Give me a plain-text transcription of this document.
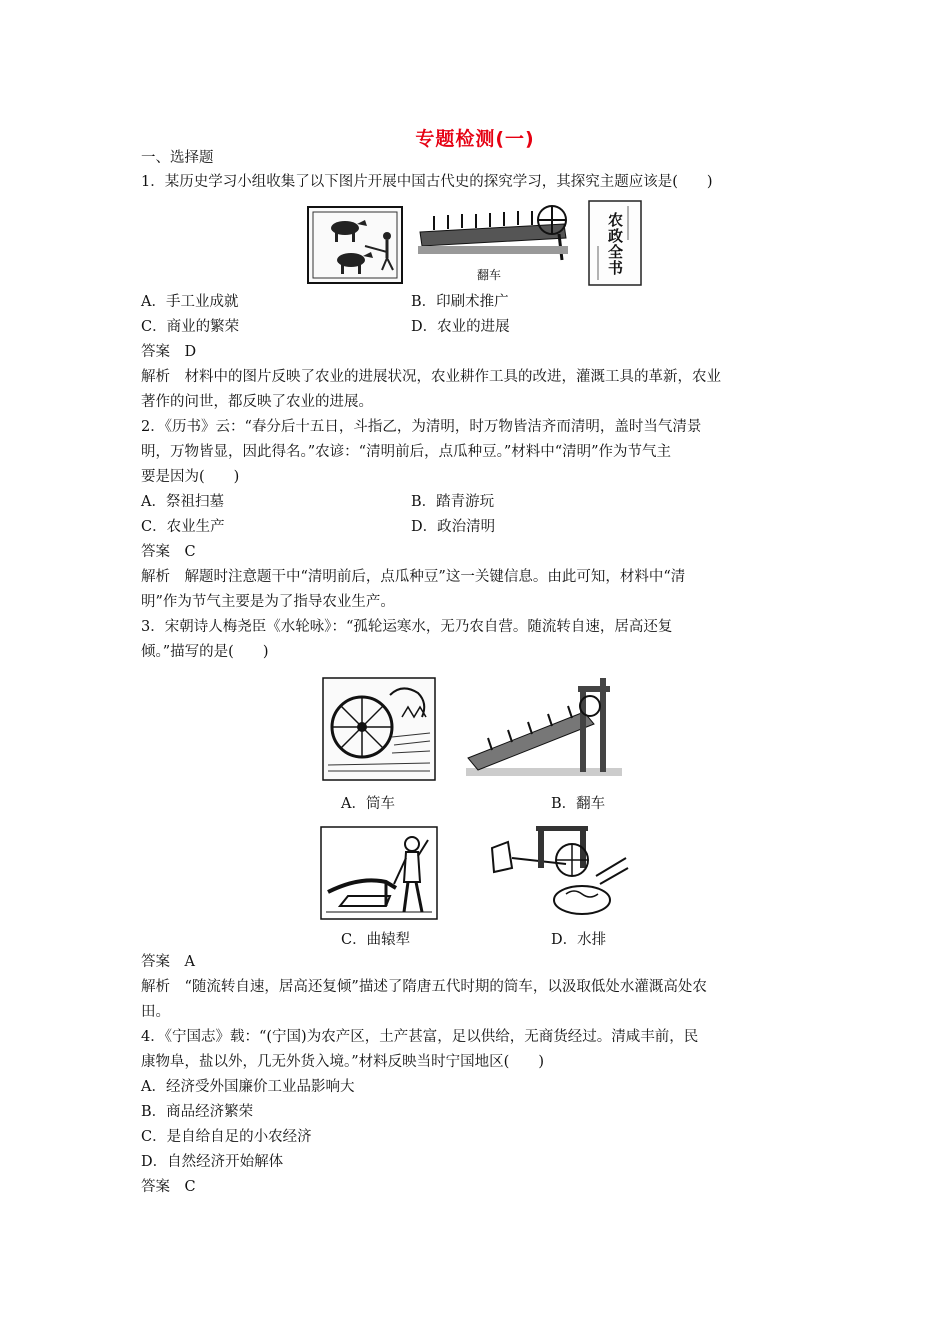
专题检测(一)
一、选择题
1．某历史学习小组收集了以下图片开展中国古代史的探究学习，其探究主题应该是(　　)
翻车
农政全书
A．手工业成就	B．印刷术推广
C．商业的繁荣	D．农业的进展
答案　D
解析　材料中的图片反映了农业的进展状况，农业耕作工具的改进，灌溉工具的革新，农业
著作的问世，都反映了农业的进展。
2．《历书》云：“春分后十五日，斗指乙，为清明，时万物皆洁齐而清明，盖时当气清景
明，万物皆显，因此得名。”农谚：“清明前后，点瓜种豆。”材料中“清明”作为节气主
要是因为(　　)
A．祭祖扫墓	B．踏青游玩
C．农业生产	D．政治清明
答案　C
解析　解题时注意题干中“清明前后，点瓜种豆”这一关键信息。由此可知，材料中“清
明”作为节气主要是为了指导农业生产。
3．宋朝诗人梅尧臣《水轮咏》：“孤轮运寒水，无乃农自营。随流转自速，居高还复
倾。”描写的是(　　)
A．筒车	B．翻车
C．曲辕犁	D．水排
答案　A
解析　“随流转自速，居高还复倾”描述了隋唐五代时期的筒车，以汲取低处水灌溉高处农
田。
4．《宁国志》载：“(宁国)为农产区，土产甚富，足以供给，无商货经过。清咸丰前，民
康物阜，盐以外，几无外货入境。”材料反映当时宁国地区(　　)
A．经济受外国廉价工业品影响大
B．商品经济繁荣
C．是自给自足的小农经济
D．自然经济开始解体
答案　C
